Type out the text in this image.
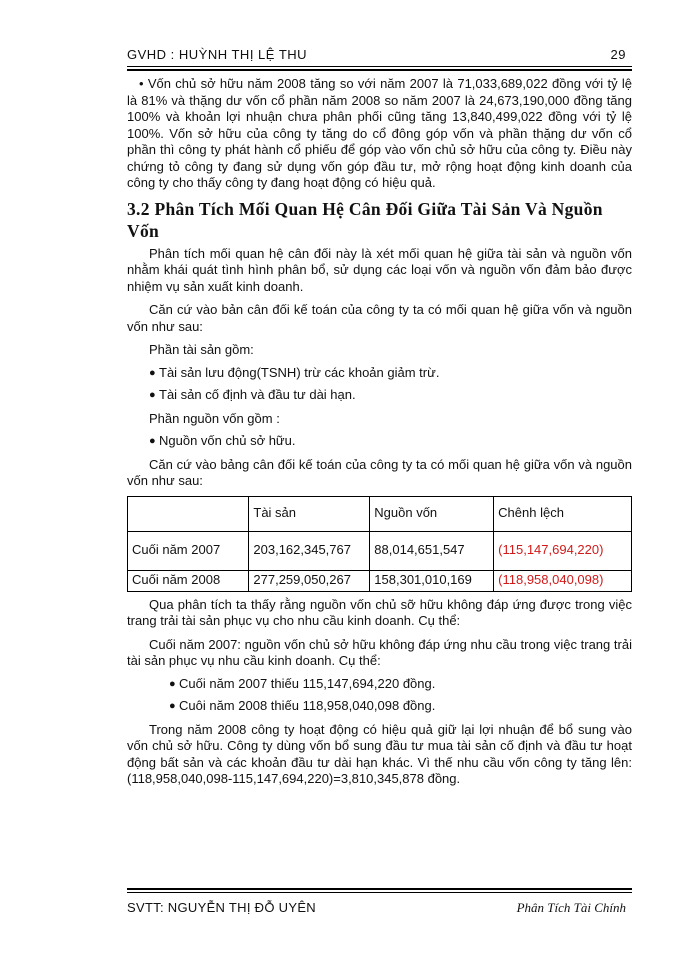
GVHD : HUỲNH THỊ LỆ THU	29

• Vốn chủ sở hữu năm 2008 tăng so với năm 2007 là 71,033,689,022 đồng với tỷ lệ là 81% và thặng dư vốn cổ phần năm 2008 so năm 2007 là 24,673,190,000 đồng tăng 100% và khoản lợi nhuận chưa phân phối cũng tăng 13,840,499,022 đồng với tỷ lệ 100%. Vốn sở hữu của công ty tăng do cổ đông góp vốn và phần thặng dư vốn cổ phần thì công ty phát hành cổ phiếu để góp vào vốn chủ sở hữu của công ty. Điều này chứng tỏ công ty đang sử dụng vốn góp đầu tư, mở rộng hoạt động kinh doanh của công ty cho thấy công ty đang hoạt động có hiệu quả.

3.2 Phân Tích Mối Quan Hệ Cân Đối Giữa Tài Sản Và Nguồn Vốn

Phân tích mối quan hệ cân đối này là xét mối quan hệ giữa tài sản và nguồn vốn nhằm khái quát tình hình phân bổ, sử dụng các loại vốn và nguồn vốn đảm bảo được nhiệm vụ sản xuất kinh doanh.

Căn cứ vào bản cân đối kế toán của công ty ta có mối quan hệ giữa vốn và nguồn vốn như sau:

Phần tài sản gồm:

● Tài sản lưu động(TSNH) trừ các khoản giảm trừ.
● Tài sản cố định và đầu tư dài hạn.

Phần nguồn vốn gồm :

● Nguồn vốn chủ sở hữu.

Căn cứ vào bảng cân đối kế toán của công ty ta có mối quan hệ giữa vốn và nguồn vốn như sau:

	Tài sản	Nguồn vốn	Chênh lệch
Cuối năm 2007	203,162,345,767	88,014,651,547	(115,147,694,220)
Cuối năm 2008	277,259,050,267	158,301,010,169	(118,958,040,098)

Qua phân tích ta thấy rằng nguồn vốn chủ sỡ hữu không đáp ứng được trong việc trang trải tài sản phục vụ cho nhu cầu kinh doanh. Cụ thể:

Cuối năm 2007: nguồn vốn chủ sở hữu không đáp ứng nhu cầu trong việc trang trải tài sản phục vụ nhu cầu kinh doanh. Cụ thể:

● Cuối năm 2007 thiếu 115,147,694,220 đồng.
● Cuôi năm 2008 thiếu 118,958,040,098 đồng.

Trong năm 2008 công ty hoạt động có hiệu quả giữ lại lợi nhuận để bổ sung vào vốn chủ sở hữu. Công ty dùng vốn bổ sung đầu tư mua tài sản cố định và đầu tư hoạt động bất sản và các khoản đầu tư dài hạn khác. Vì thế nhu cầu vốn công ty tăng lên: (118,958,040,098-115,147,694,220)=3,810,345,878 đồng.

SVTT: NGUYỄN THỊ ĐỖ UYÊN	Phân Tích Tài Chính
